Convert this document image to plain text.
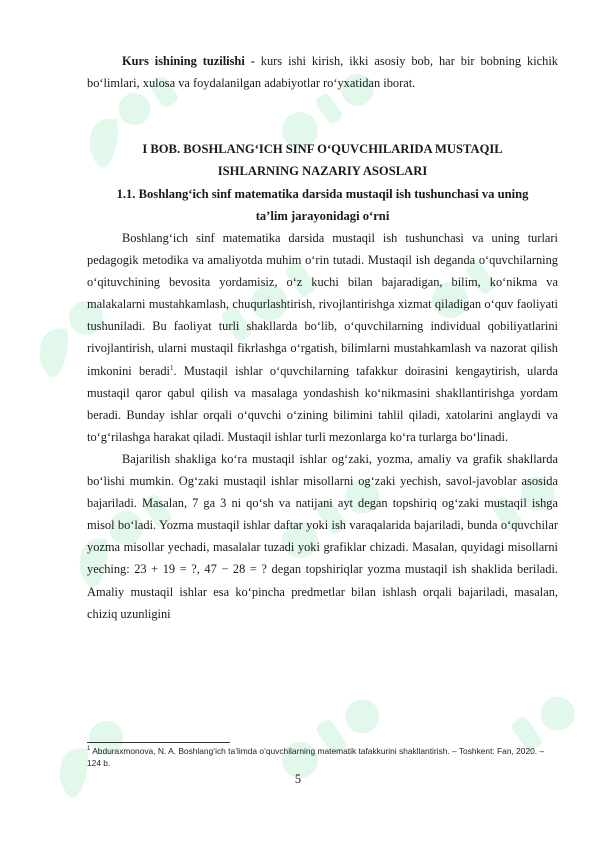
Kurs ishining tuzilishi - kurs ishi kirish, ikki asosiy bob, har bir bobning kichik bo‘limlari, xulosa va foydalanilgan adabiyotlar ro‘yxatidan iborat.

I BOB. BOSHLANG‘ICH SINF O‘QUVCHILARIDA MUSTAQIL

ISHLARNING NAZARIY ASOSLARI

1.1. Boshlang‘ich sinf matematika darsida mustaqil ish tushunchasi va uning

ta’lim jarayonidagi o‘rni

Boshlang‘ich sinf matematika darsida mustaqil ish tushunchasi va uning turlari pedagogik metodika va amaliyotda muhim o‘rin tutadi. Mustaqil ish deganda o‘quvchilarning o‘qituvchining bevosita yordamisiz, o‘z kuchi bilan bajaradigan, bilim, ko‘nikma va malakalarni mustahkamlash, chuqurlashtirish, rivojlantirishga xizmat qiladigan o‘quv faoliyati tushuniladi. Bu faoliyat turli shakllarda bo‘lib, o‘quvchilarning individual qobiliyatlarini rivojlantirish, ularni mustaqil fikrlashga o‘rgatish, bilimlarni mustahkamlash va nazorat qilish imkonini beradi$^1$. Mustaqil ishlar o‘quvchilarning tafakkur doirasini kengaytirish, ularda mustaqil qaror qabul qilish va masalaga yondashish ko‘nikmasini shakllantirishga yordam beradi. Bunday ishlar orqali o‘quvchi o‘zining bilimini tahlil qiladi, xatolarini anglaydi va to‘g‘rilashga harakat qiladi. Mustaqil ishlar turli mezonlarga ko‘ra turlarga bo‘linadi.

Bajarilish shakliga ko‘ra mustaqil ishlar og‘zaki, yozma, amaliy va grafik shakllarda bo‘lishi mumkin. Og‘zaki mustaqil ishlar misollarni og‘zaki yechish, savol-javoblar asosida bajariladi. Masalan, 7 ga 3 ni qo‘sh va natijani ayt degan topshiriq og‘zaki mustaqil ishga misol bo‘ladi. Yozma mustaqil ishlar daftar yoki ish varaqalarida bajariladi, bunda o‘quvchilar yozma misollar yechadi, masalalar tuzadi yoki grafiklar chizadi. Masalan, quyidagi misollarni yeching: 23 + 19 = ?, 47 − 28 = ? degan topshiriqlar yozma mustaqil ish shaklida beriladi. Amaliy mustaqil ishlar esa ko‘pincha predmetlar bilan ishlash orqali bajariladi, masalan, chiziq uzunligini

$^1$ Abduraxmonova, N. A. Boshlang‘ich ta’limda o‘quvchilarning matematik tafakkurini shakllantirish. – Toshkent: Fan, 2020. – 124 b.

5
